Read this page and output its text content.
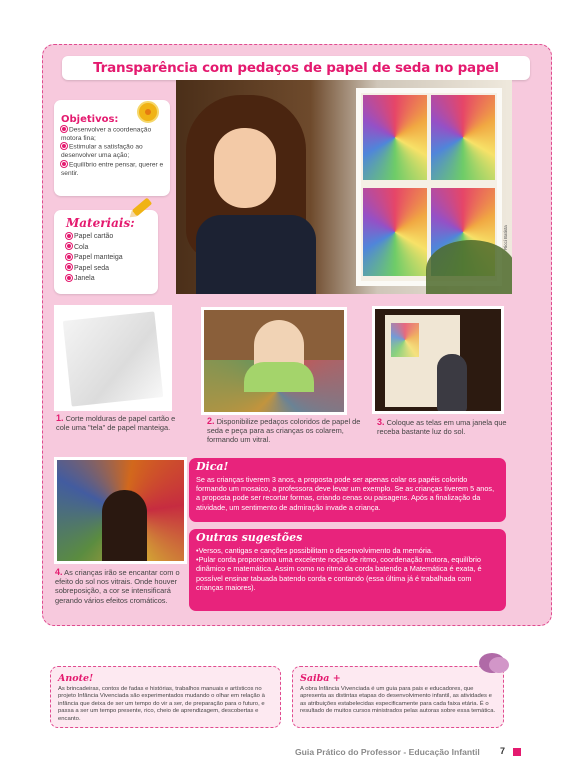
Transparência com pedaços de papel de seda no papel
Objetivos:
Desenvolver a coordenação motora fina;
Estimular a satisfação ao desenvolver uma ação;
Equilíbrio entre pensar, querer e sentir.
Materiais:
Papel cartão
Cola
Papel manteiga
Papel seda
Janela
Ricci Batista
1. Corte molduras de papel cartão e cole uma "tela" de papel manteiga.
2. Disponibilize pedaços coloridos de papel de seda e peça para as crianças os colarem, formando um vitral.
3. Coloque as telas em uma janela que receba bastante luz do sol.
4. As crianças irão se encantar com o efeito do sol nos vitrais. Onde houver sobreposição, a cor se intensificará gerando vários efeitos cromáticos.
Dica!

Se as crianças tiverem 3 anos, a proposta pode ser apenas colar os papéis colorido formando um mosaico, a professora deve levar um exemplo. Se as crianças tiverem 5 anos, a proposta pode ser recortar formas, criando cenas ou paisagens. Após a finalização da atividade, um sentimento de admiração invade a criança.

Outras sugestões

•Versos, cantigas e canções possibilitam o desenvolvimento da memória.

•Pular corda proporciona uma excelente noção de ritmo, coordenação motora, equilíbrio dinâmico e matemática. Assim como no ritmo da corda batendo a Matemática é exata, é possível ensinar tabuada batendo corda e contando (essa última já é trabalhada com crianças maiores).

Anote!

As brincadeiras, contos de fadas e histórias, trabalhos manuais e artísticos no projeto Infância Vivenciada são experimentados mudando o olhar em relação à infância que deixa de ser um tempo do vir a ser, de preparação para o futuro, e passa a ser um tempo presente, rico, cheio de aprendizagem, descobertas e encanto.

Saiba +

A obra Infância Vivenciada é um guia para pais e educadores, que apresenta as distintas etapas do desenvolvimento infantil, as atividades e as atribuições estabelecidas especificamente para cada faixa etária. É o resultado de muitos cursos ministrados pelas autoras sobre essa temática.

Guia Prático do Professor - Educação Infantil 7
